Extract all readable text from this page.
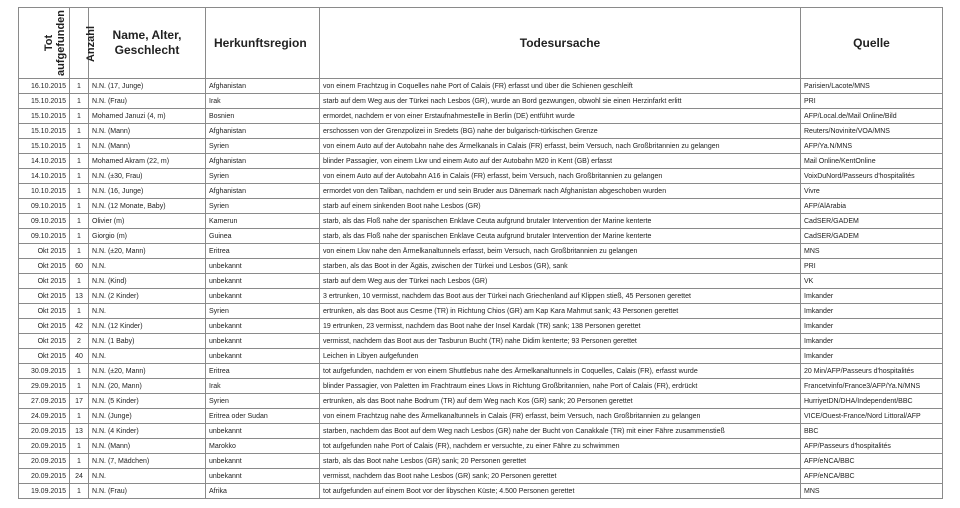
Tot
aufgefunden	Anzahl	Name, Alter, Geschlecht	Herkunftsregion	Todesursache	Quelle
16.10.2015	1	N.N. (17, Junge)	Afghanistan	von einem Frachtzug in Coquelles nahe Port of Calais (FR) erfasst und über die Schienen geschleift	Parisien/Lacote/MNS
15.10.2015	1	N.N. (Frau)	Irak	starb auf dem Weg aus der Türkei nach Lesbos (GR), wurde an Bord gezwungen, obwohl sie einen Herzinfarkt erlitt	PRI
15.10.2015	1	Mohamed Januzi (4, m)	Bosnien	ermordet, nachdem er von einer Erstaufnahmestelle in Berlin (DE) entführt wurde	AFP/Local.de/Mail Online/Bild
15.10.2015	1	N.N. (Mann)	Afghanistan	erschossen von der Grenzpolizei in Sredets (BG) nahe der bulgarisch-türkischen Grenze	Reuters/Novinite/VOA/MNS
15.10.2015	1	N.N. (Mann)	Syrien	von einem Auto auf der Autobahn nahe des Ärmelkanals in Calais (FR) erfasst, beim Versuch, nach Großbritannien zu gelangen	AFP/Ya.N/MNS
14.10.2015	1	Mohamed Akram (22, m)	Afghanistan	blinder Passagier, von einem Lkw und einem Auto auf der Autobahn M20 in Kent (GB) erfasst	Mail Online/KentOnline
14.10.2015	1	N.N. (±30, Frau)	Syrien	von einem Auto auf der Autobahn A16 in Calais (FR) erfasst, beim Versuch, nach Großbritannien zu gelangen	VoixDuNord/Passeurs d'hospitalités
10.10.2015	1	N.N. (16, Junge)	Afghanistan	ermordet von den Taliban, nachdem er und sein Bruder aus Dänemark nach Afghanistan abgeschoben wurden	Vivre
09.10.2015	1	N.N. (12 Monate, Baby)	Syrien	starb auf einem sinkenden Boot nahe Lesbos (GR)	AFP/AlArabia
09.10.2015	1	Olivier (m)	Kamerun	starb, als das Floß nahe der spanischen Enklave Ceuta aufgrund brutaler Intervention der Marine kenterte	CadSER/GADEM
09.10.2015	1	Giorgio (m)	Guinea	starb, als das Floß nahe der spanischen Enklave Ceuta aufgrund brutaler Intervention der Marine kenterte	CadSER/GADEM
Okt 2015	1	N.N. (±20, Mann)	Eritrea	von einem Lkw nahe den Ärmelkanaltunnels erfasst, beim Versuch, nach Großbritannien zu gelangen	MNS
Okt 2015	60	N.N.	unbekannt	starben, als das Boot in der Ägäis, zwischen der Türkei und Lesbos (GR), sank	PRI
Okt 2015	1	N.N. (Kind)	unbekannt	starb auf dem Weg aus der Türkei nach Lesbos (GR)	VK
Okt 2015	13	N.N. (2 Kinder)	unbekannt	3 ertrunken, 10 vermisst, nachdem das Boot aus der Türkei nach Griechenland auf Klippen stieß, 45 Personen gerettet	Imkander
Okt 2015	1	N.N.	Syrien	ertrunken, als das Boot aus Cesme (TR) in Richtung Chios (GR) am Kap Kara Mahmut sank; 43 Personen gerettet	Imkander
Okt 2015	42	N.N. (12 Kinder)	unbekannt	19 ertrunken, 23 vermisst, nachdem das Boot nahe der Insel Kardak (TR) sank; 138 Personen gerettet	Imkander
Okt 2015	2	N.N. (1 Baby)	unbekannt	vermisst, nachdem das Boot aus der Tasburun Bucht (TR) nahe Didim kenterte; 93 Personen gerettet	Imkander
Okt 2015	40	N.N.	unbekannt	Leichen in Libyen aufgefunden	Imkander
30.09.2015	1	N.N. (±20, Mann)	Eritrea	tot aufgefunden, nachdem er von einem Shuttlebus nahe des Ärmelkanaltunnels in Coquelles, Calais (FR), erfasst wurde	20 Min/AFP/Passeurs d'hospitalités
29.09.2015	1	N.N. (20, Mann)	Irak	blinder Passagier, von Paletten im Frachtraum eines Lkws in Richtung Großbritannien, nahe Port of Calais (FR), erdrückt	Francetvinfo/France3/AFP/Ya.N/MNS
27.09.2015	17	N.N. (5 Kinder)	Syrien	ertrunken, als das Boot nahe Bodrum (TR) auf dem Weg nach Kos (GR) sank; 20 Personen gerettet	HurriyetDN/DHA/Independent/BBC
24.09.2015	1	N.N. (Junge)	Eritrea oder Sudan	von einem Frachtzug nahe des Ärmelkanaltunnels in Calais (FR) erfasst, beim Versuch, nach Großbritannien zu gelangen	VICE/Ouest-France/Nord Littoral/AFP
20.09.2015	13	N.N. (4 Kinder)	unbekannt	starben, nachdem das Boot auf dem Weg nach Lesbos (GR) nahe der Bucht von Canakkale (TR) mit einer Fähre zusammenstieß	BBC
20.09.2015	1	N.N. (Mann)	Marokko	tot aufgefunden nahe Port of Calais (FR), nachdem er versuchte, zu einer Fähre zu schwimmen	AFP/Passeurs d'hospitalités
20.09.2015	1	N.N. (7, Mädchen)	unbekannt	starb, als das Boot nahe Lesbos (GR) sank; 20 Personen gerettet	AFP/eNCA/BBC
20.09.2015	24	N.N.	unbekannt	vermisst, nachdem das Boot nahe Lesbos (GR) sank; 20 Personen gerettet	AFP/eNCA/BBC
19.09.2015	1	N.N. (Frau)	Afrika	tot aufgefunden auf einem Boot vor der libyschen Küste; 4.500 Personen gerettet	MNS
